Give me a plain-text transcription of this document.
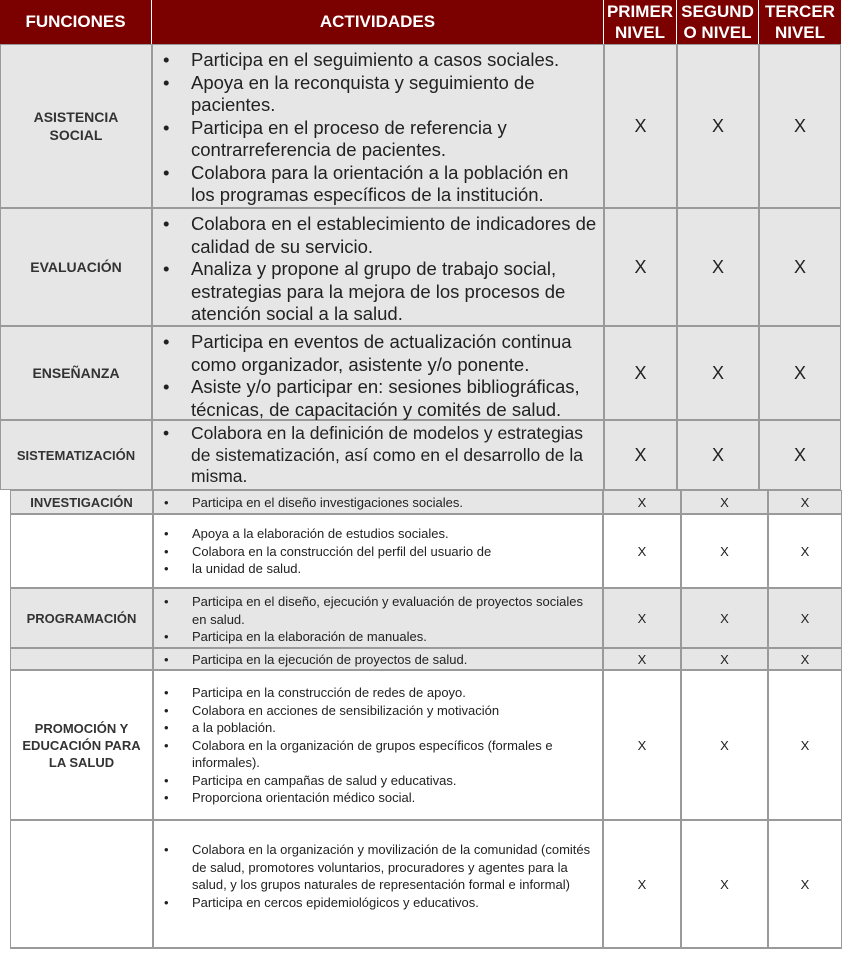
FUNCIONES	ACTIVIDADES
PRIMER
NIVEL
SEGUND
O NIVEL
TERCER
NIVEL
ASISTENCIA
SOCIAL
• Participa en el seguimiento a casos sociales.
• Apoya en la reconquista y seguimiento de pacientes.
• Participa en el proceso de referencia y contrarreferencia de pacientes.
• Colabora para la orientación a la población en los programas específicos de la institución.
X	X	X
EVALUACIÓN
• Colabora en el establecimiento de indicadores de calidad de su servicio.
• Analiza y propone al grupo de trabajo social, estrategias para la mejora de los procesos de atención social a la salud.
X	X	X
ENSEÑANZA
• Participa en eventos de actualización continua como organizador, asistente y/o ponente.
• Asiste y/o participar en: sesiones bibliográficas, técnicas, de capacitación y comités de salud.
X	X	X
SISTEMATIZACIÓN
• Colabora en la definición de modelos y estrategias de sistematización, así como en el desarrollo de la misma.
X	X	X
INVESTIGACIÓN
•	Participa en el diseño investigaciones sociales.	X	X	X
• Apoya a la elaboración de estudios sociales.
• Colabora en la construcción del perfil del usuario de
• la unidad de salud.
X	X	X
PROGRAMACIÓN
• Participa en el diseño, ejecución y evaluación de proyectos sociales en salud.
• Participa en la elaboración de manuales.
X	X	X
• Participa en la ejecución de proyectos de salud.	X	X	X
PROMOCIÓN Y
EDUCACIÓN PARA
LA SALUD
• Participa en la construcción de redes de apoyo.
• Colabora en acciones de sensibilización y motivación
• a la población.
• Colabora en la organización de grupos específicos (formales e informales).
• Participa en campañas de salud y educativas.
• Proporciona orientación médico social.
X	X	X
• Colabora en la organización y movilización de la comunidad (comités de salud, promotores voluntarios, procuradores y agentes para la salud, y los grupos naturales de representación formal e informal)
• Participa en cercos epidemiológicos y educativos.
X	X	X
